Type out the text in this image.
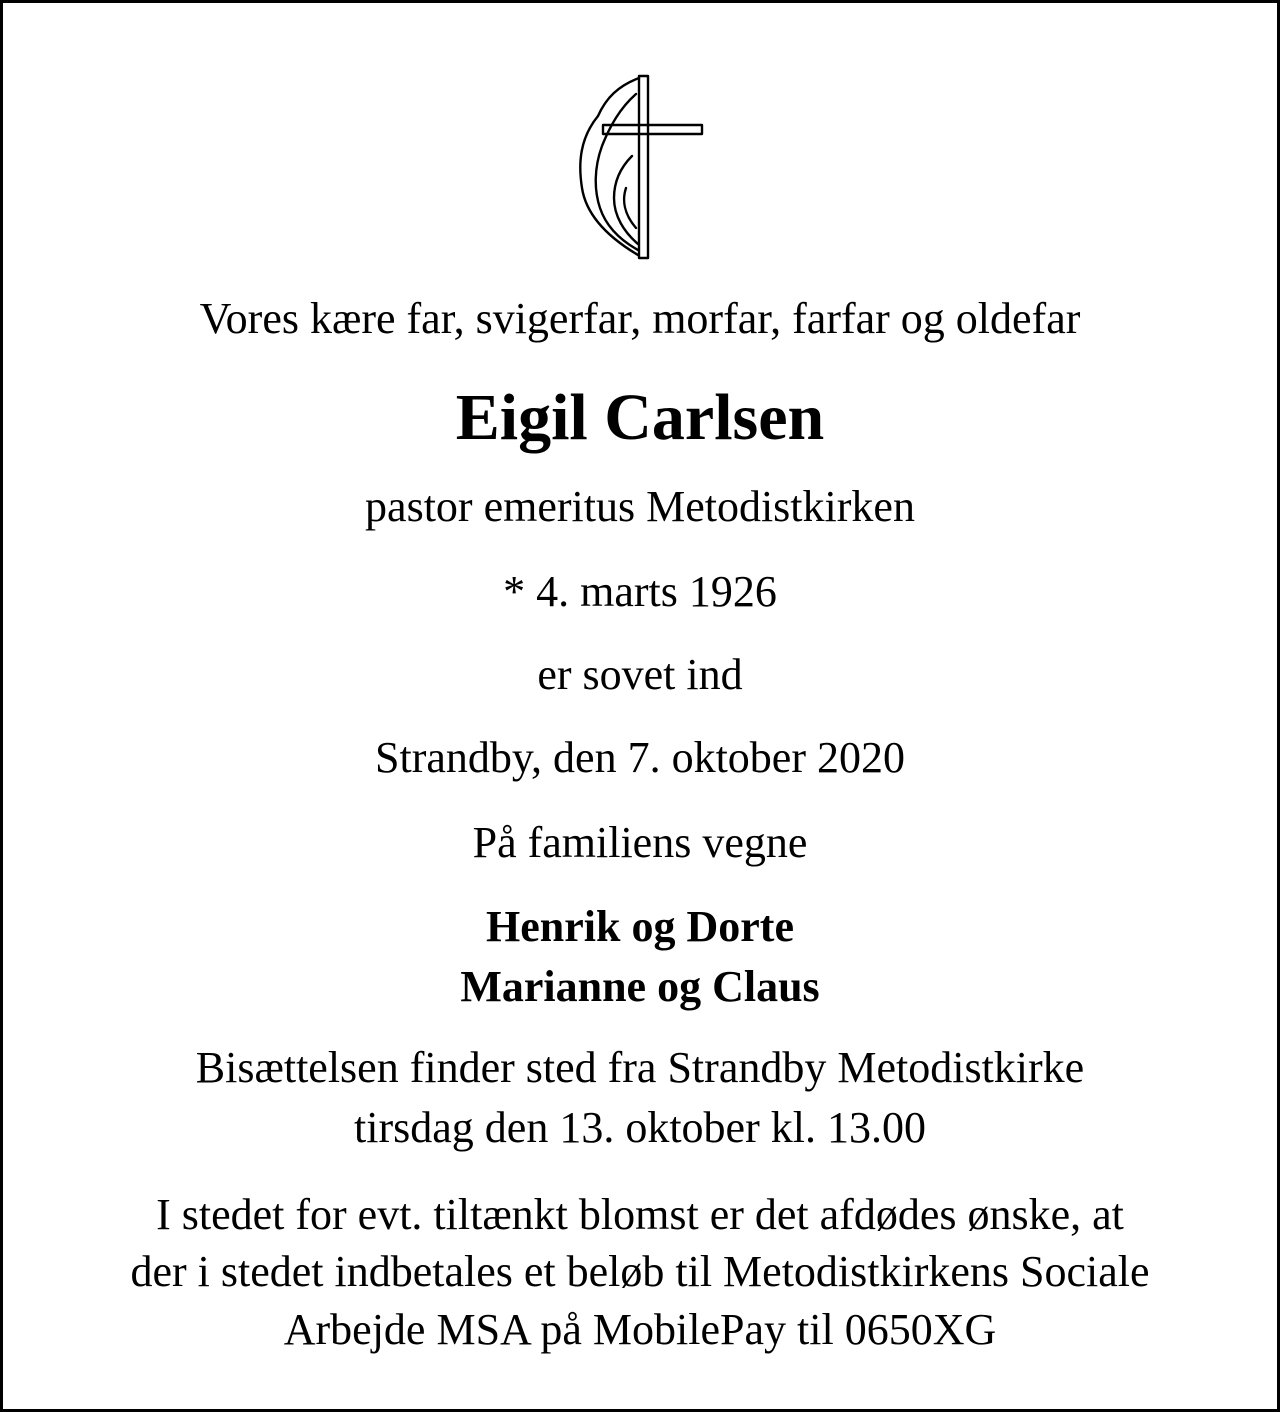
Vores kære far, svigerfar, morfar, farfar og oldefar
Eigil Carlsen
pastor emeritus Metodistkirken
* 4. marts 1926
er sovet ind
Strandby, den 7. oktober 2020
På familiens vegne
Henrik og Dorte
Marianne og Claus
Bisættelsen finder sted fra Strandby Metodistkirke
tirsdag den 13. oktober kl. 13.00
I stedet for evt. tiltænkt blomst er det afdødes ønske, at
der i stedet indbetales et beløb til Metodistkirkens Sociale
Arbejde MSA på MobilePay til 0650XG
